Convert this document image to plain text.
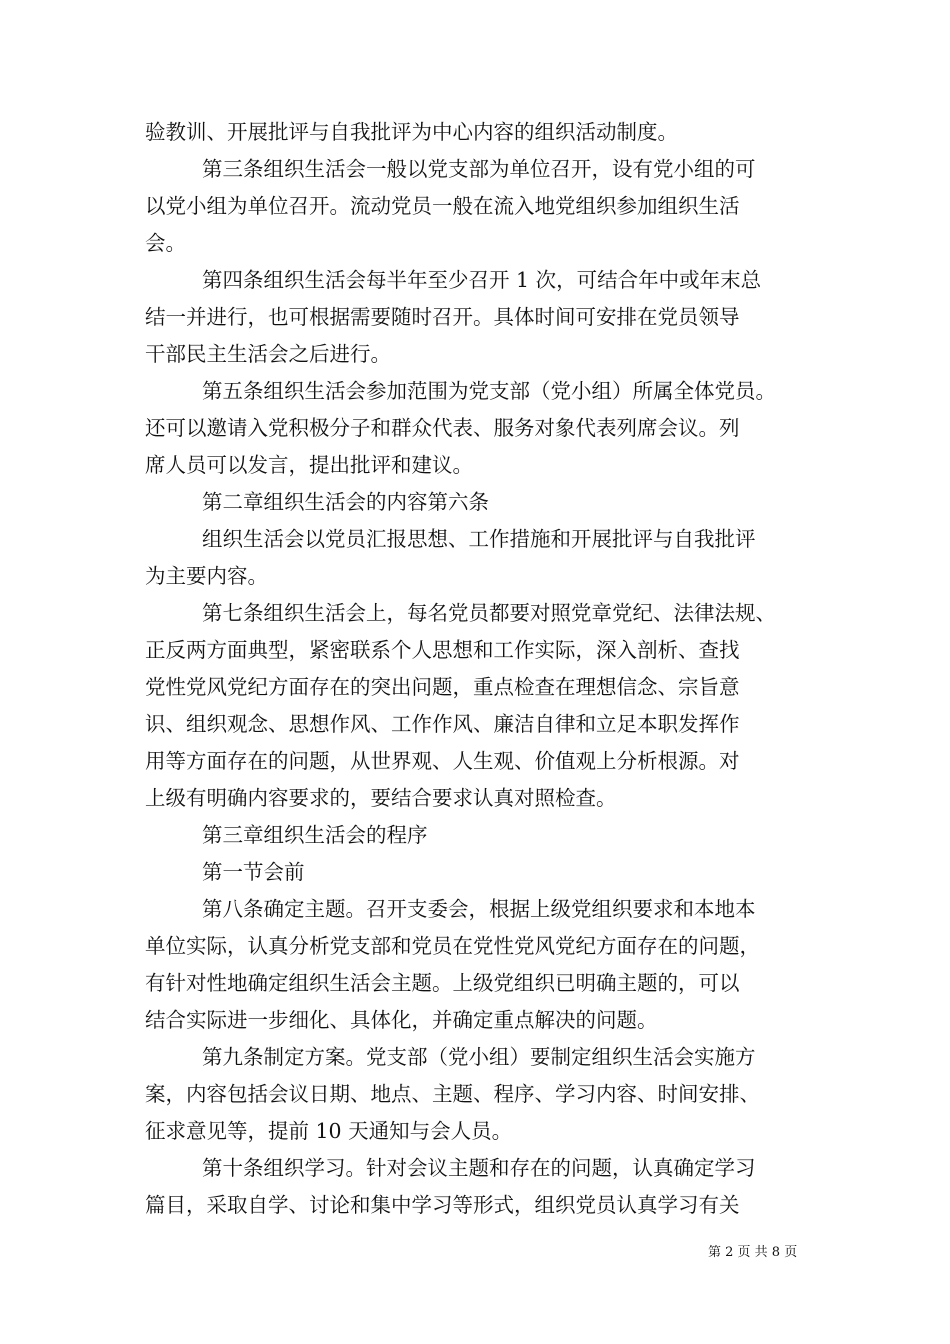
验教训、开展批评与自我批评为中心内容的组织活动制度。
第三条组织生活会一般以党支部为单位召开，设有党小组的可
以党小组为单位召开。流动党员一般在流入地党组织参加组织生活
会。
第四条组织生活会每半年至少召开 1 次，可结合年中或年末总
结一并进行，也可根据需要随时召开。具体时间可安排在党员领导
干部民主生活会之后进行。
第五条组织生活会参加范围为党支部（党小组）所属全体党员。
还可以邀请入党积极分子和群众代表、服务对象代表列席会议。列
席人员可以发言，提出批评和建议。
第二章组织生活会的内容第六条
组织生活会以党员汇报思想、工作措施和开展批评与自我批评
为主要内容。
第七条组织生活会上，每名党员都要对照党章党纪、法律法规、
正反两方面典型，紧密联系个人思想和工作实际，深入剖析、查找
党性党风党纪方面存在的突出问题，重点检查在理想信念、宗旨意
识、组织观念、思想作风、工作作风、廉洁自律和立足本职发挥作
用等方面存在的问题，从世界观、人生观、价值观上分析根源。对
上级有明确内容要求的，要结合要求认真对照检查。
第三章组织生活会的程序
第一节会前
第八条确定主题。召开支委会，根据上级党组织要求和本地本
单位实际，认真分析党支部和党员在党性党风党纪方面存在的问题，
有针对性地确定组织生活会主题。上级党组织已明确主题的，可以
结合实际进一步细化、具体化，并确定重点解决的问题。
第九条制定方案。党支部（党小组）要制定组织生活会实施方
案，内容包括会议日期、地点、主题、程序、学习内容、时间安排、
征求意见等，提前 10 天通知与会人员。
第十条组织学习。针对会议主题和存在的问题，认真确定学习
篇目，采取自学、讨论和集中学习等形式，组织党员认真学习有关
第 2 页 共 8 页
